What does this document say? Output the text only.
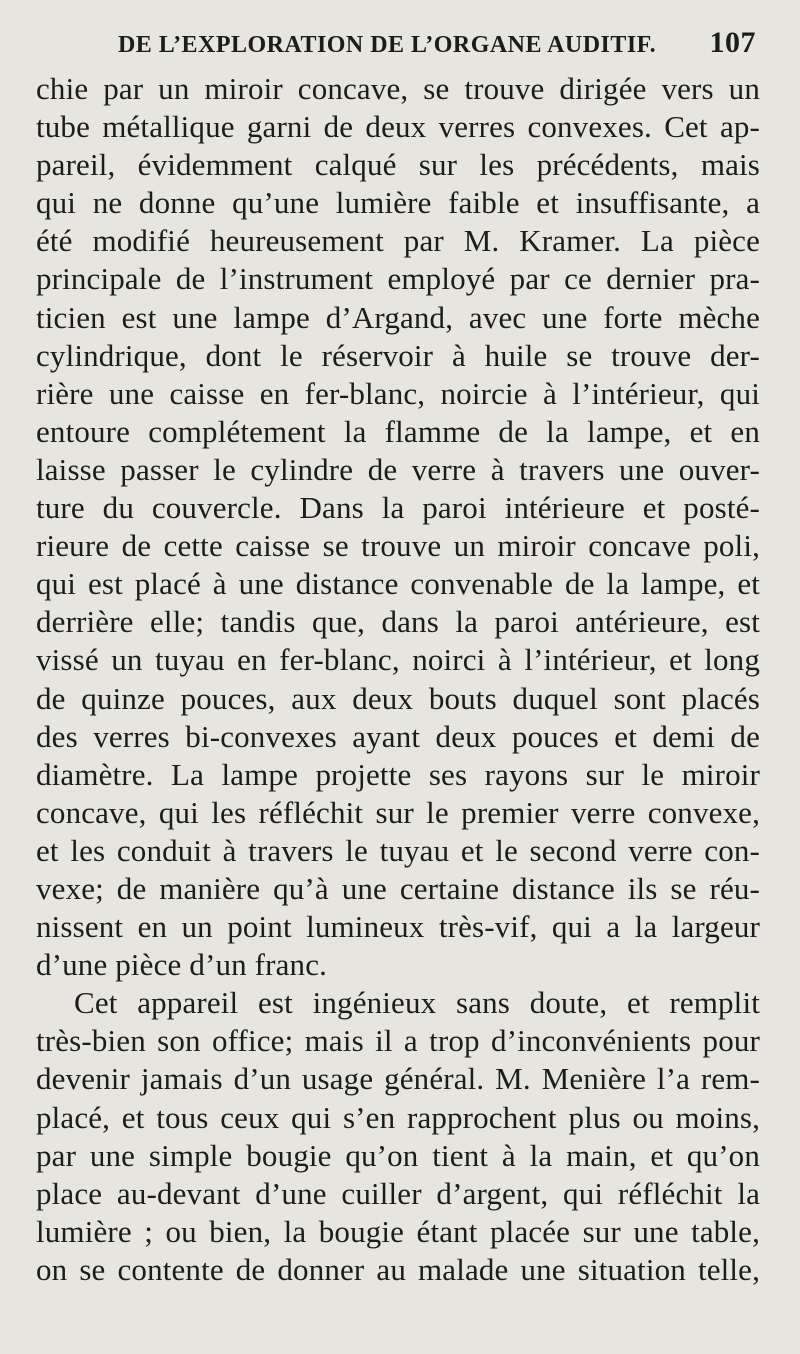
DE L’EXPLORATION DE L’ORGANE AUDITIF. 107
chie par un miroir concave, se trouve dirigée vers un
tube métallique garni de deux verres convexes. Cet ap-
pareil, évidemment calqué sur les précédents, mais
qui ne donne qu’une lumière faible et insuffisante, a
été modifié heureusement par M. Kramer. La pièce
principale de l’instrument employé par ce dernier pra-
ticien est une lampe d’Argand, avec une forte mèche
cylindrique, dont le réservoir à huile se trouve der-
rière une caisse en fer-blanc, noircie à l’intérieur, qui
entoure complétement la flamme de la lampe, et en
laisse passer le cylindre de verre à travers une ouver-
ture du couvercle. Dans la paroi intérieure et posté-
rieure de cette caisse se trouve un miroir concave poli,
qui est placé à une distance convenable de la lampe, et
derrière elle; tandis que, dans la paroi antérieure, est
vissé un tuyau en fer-blanc, noirci à l’intérieur, et long
de quinze pouces, aux deux bouts duquel sont placés
des verres bi-convexes ayant deux pouces et demi de
diamètre. La lampe projette ses rayons sur le miroir
concave, qui les réfléchit sur le premier verre convexe,
et les conduit à travers le tuyau et le second verre con-
vexe; de manière qu’à une certaine distance ils se réu-
nissent en un point lumineux très-vif, qui a la largeur
d’une pièce d’un franc.
Cet appareil est ingénieux sans doute, et remplit
très-bien son office; mais il a trop d’inconvénients pour
devenir jamais d’un usage général. M. Menière l’a rem-
placé, et tous ceux qui s’en rapprochent plus ou moins,
par une simple bougie qu’on tient à la main, et qu’on
place au-devant d’une cuiller d’argent, qui réfléchit la
lumière ; ou bien, la bougie étant placée sur une table,
on se contente de donner au malade une situation telle,
